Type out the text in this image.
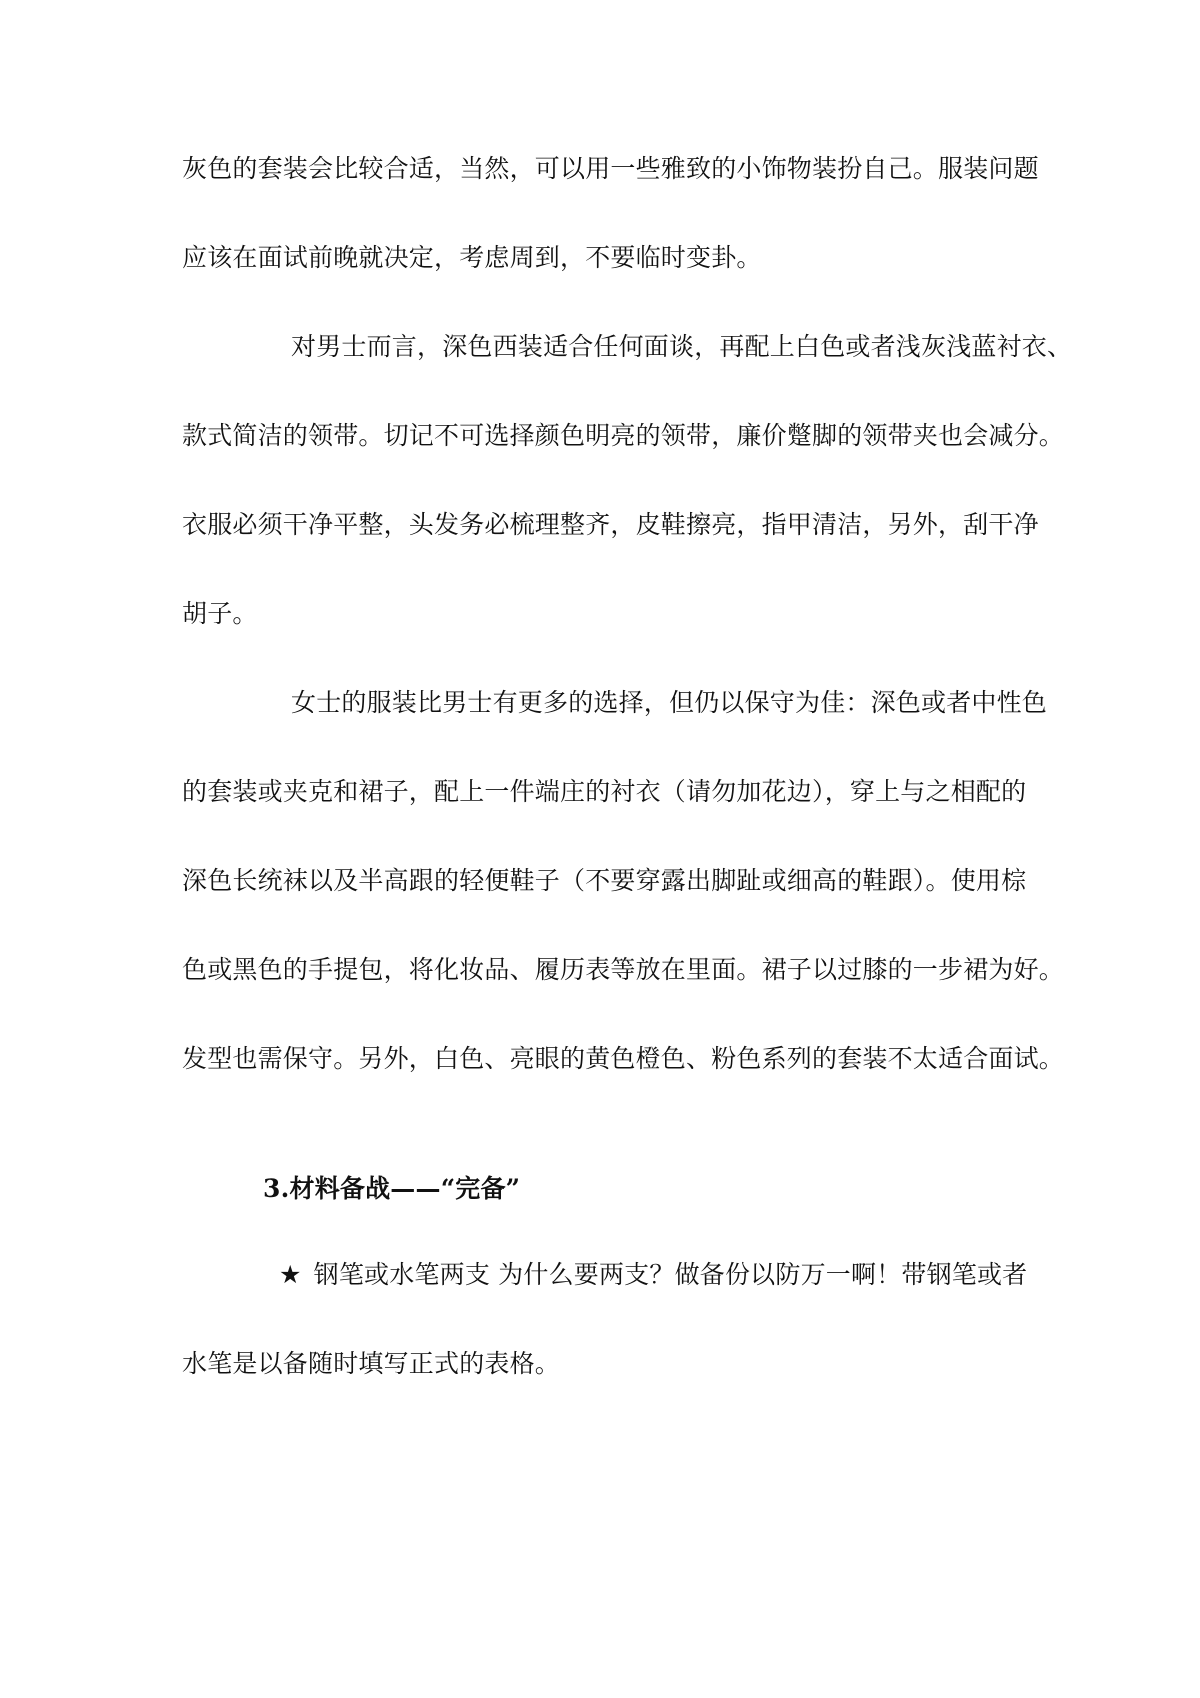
灰色的套装会比较合适，当然，可以用一些雅致的小饰物装扮自己。服装问题
应该在面试前晚就决定，考虑周到，不要临时变卦。
对男士而言，深色西装适合任何面谈，再配上白色或者浅灰浅蓝衬衣、
款式简洁的领带。切记不可选择颜色明亮的领带，廉价蹩脚的领带夹也会减分。
衣服必须干净平整，头发务必梳理整齐，皮鞋擦亮，指甲清洁，另外，刮干净
胡子。
女士的服装比男士有更多的选择，但仍以保守为佳：深色或者中性色
的套装或夹克和裙子，配上一件端庄的衬衣（请勿加花边），穿上与之相配的
深色长统袜以及半高跟的轻便鞋子（不要穿露出脚趾或细高的鞋跟）。使用棕
色或黑色的手提包，将化妆品、履历表等放在里面。裙子以过膝的一步裙为好。
发型也需保守。另外，白色、亮眼的黄色橙色、粉色系列的套装不太适合面试。
3.材料备战——“完备”
★ 钢笔或水笔两支 为什么要两支？做备份以防万一啊！带钢笔或者
水笔是以备随时填写正式的表格。
